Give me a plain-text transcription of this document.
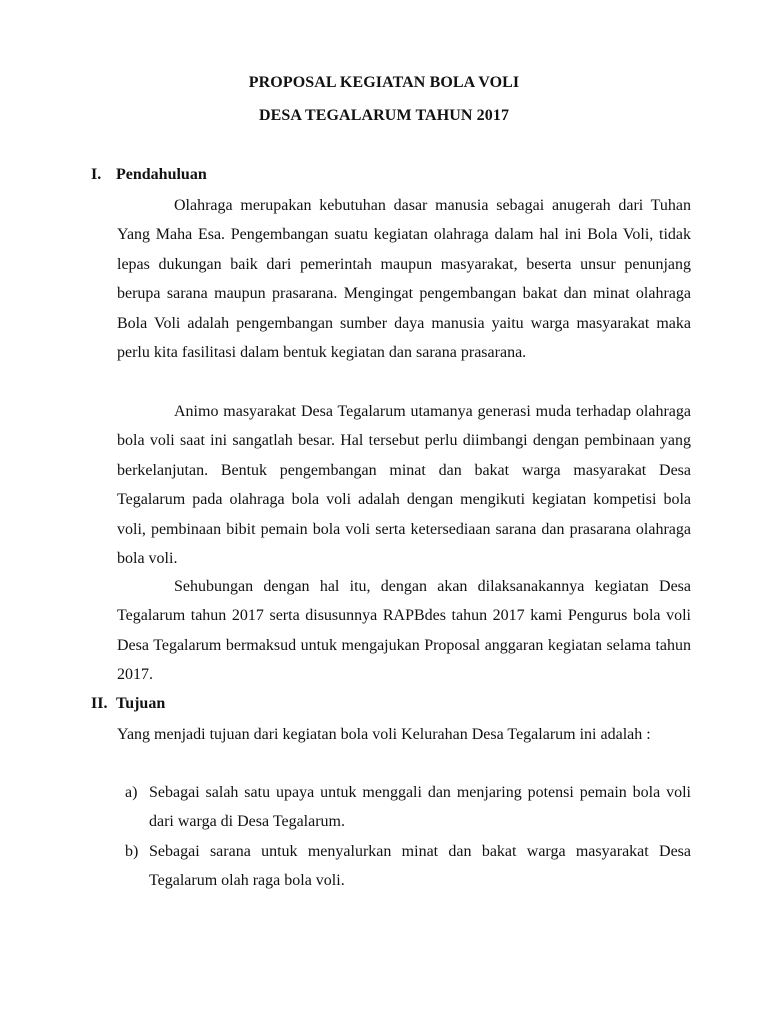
PROPOSAL KEGIATAN BOLA VOLI
DESA TEGALARUM TAHUN 2017
I. Pendahuluan

Olahraga merupakan kebutuhan dasar manusia sebagai anugerah dari Tuhan Yang Maha Esa. Pengembangan suatu kegiatan olahraga dalam hal ini Bola Voli, tidak lepas dukungan baik dari pemerintah maupun masyarakat, beserta unsur penunjang berupa sarana maupun prasarana. Mengingat pengembangan bakat dan minat olahraga Bola Voli adalah pengembangan sumber daya manusia yaitu warga masyarakat maka perlu kita fasilitasi dalam bentuk kegiatan dan sarana prasarana.

Animo masyarakat Desa Tegalarum utamanya generasi muda terhadap olahraga bola voli saat ini sangatlah besar. Hal tersebut perlu diimbangi dengan pembinaan yang berkelanjutan. Bentuk pengembangan minat dan bakat warga masyarakat Desa Tegalarum pada olahraga bola voli adalah dengan mengikuti kegiatan kompetisi bola voli, pembinaan bibit pemain bola voli serta ketersediaan sarana dan prasarana olahraga bola voli.

Sehubungan dengan hal itu, dengan akan dilaksanakannya kegiatan Desa Tegalarum tahun 2017 serta disusunnya RAPBdes tahun 2017 kami Pengurus bola voli Desa Tegalarum bermaksud untuk mengajukan Proposal anggaran kegiatan selama tahun 2017.

II. Tujuan

Yang menjadi tujuan dari kegiatan bola voli Kelurahan Desa Tegalarum ini adalah :

a) Sebagai salah satu upaya untuk menggali dan menjaring potensi pemain bola voli dari warga di Desa Tegalarum.

b) Sebagai sarana untuk menyalurkan minat dan bakat warga masyarakat Desa Tegalarum olah raga bola voli.
